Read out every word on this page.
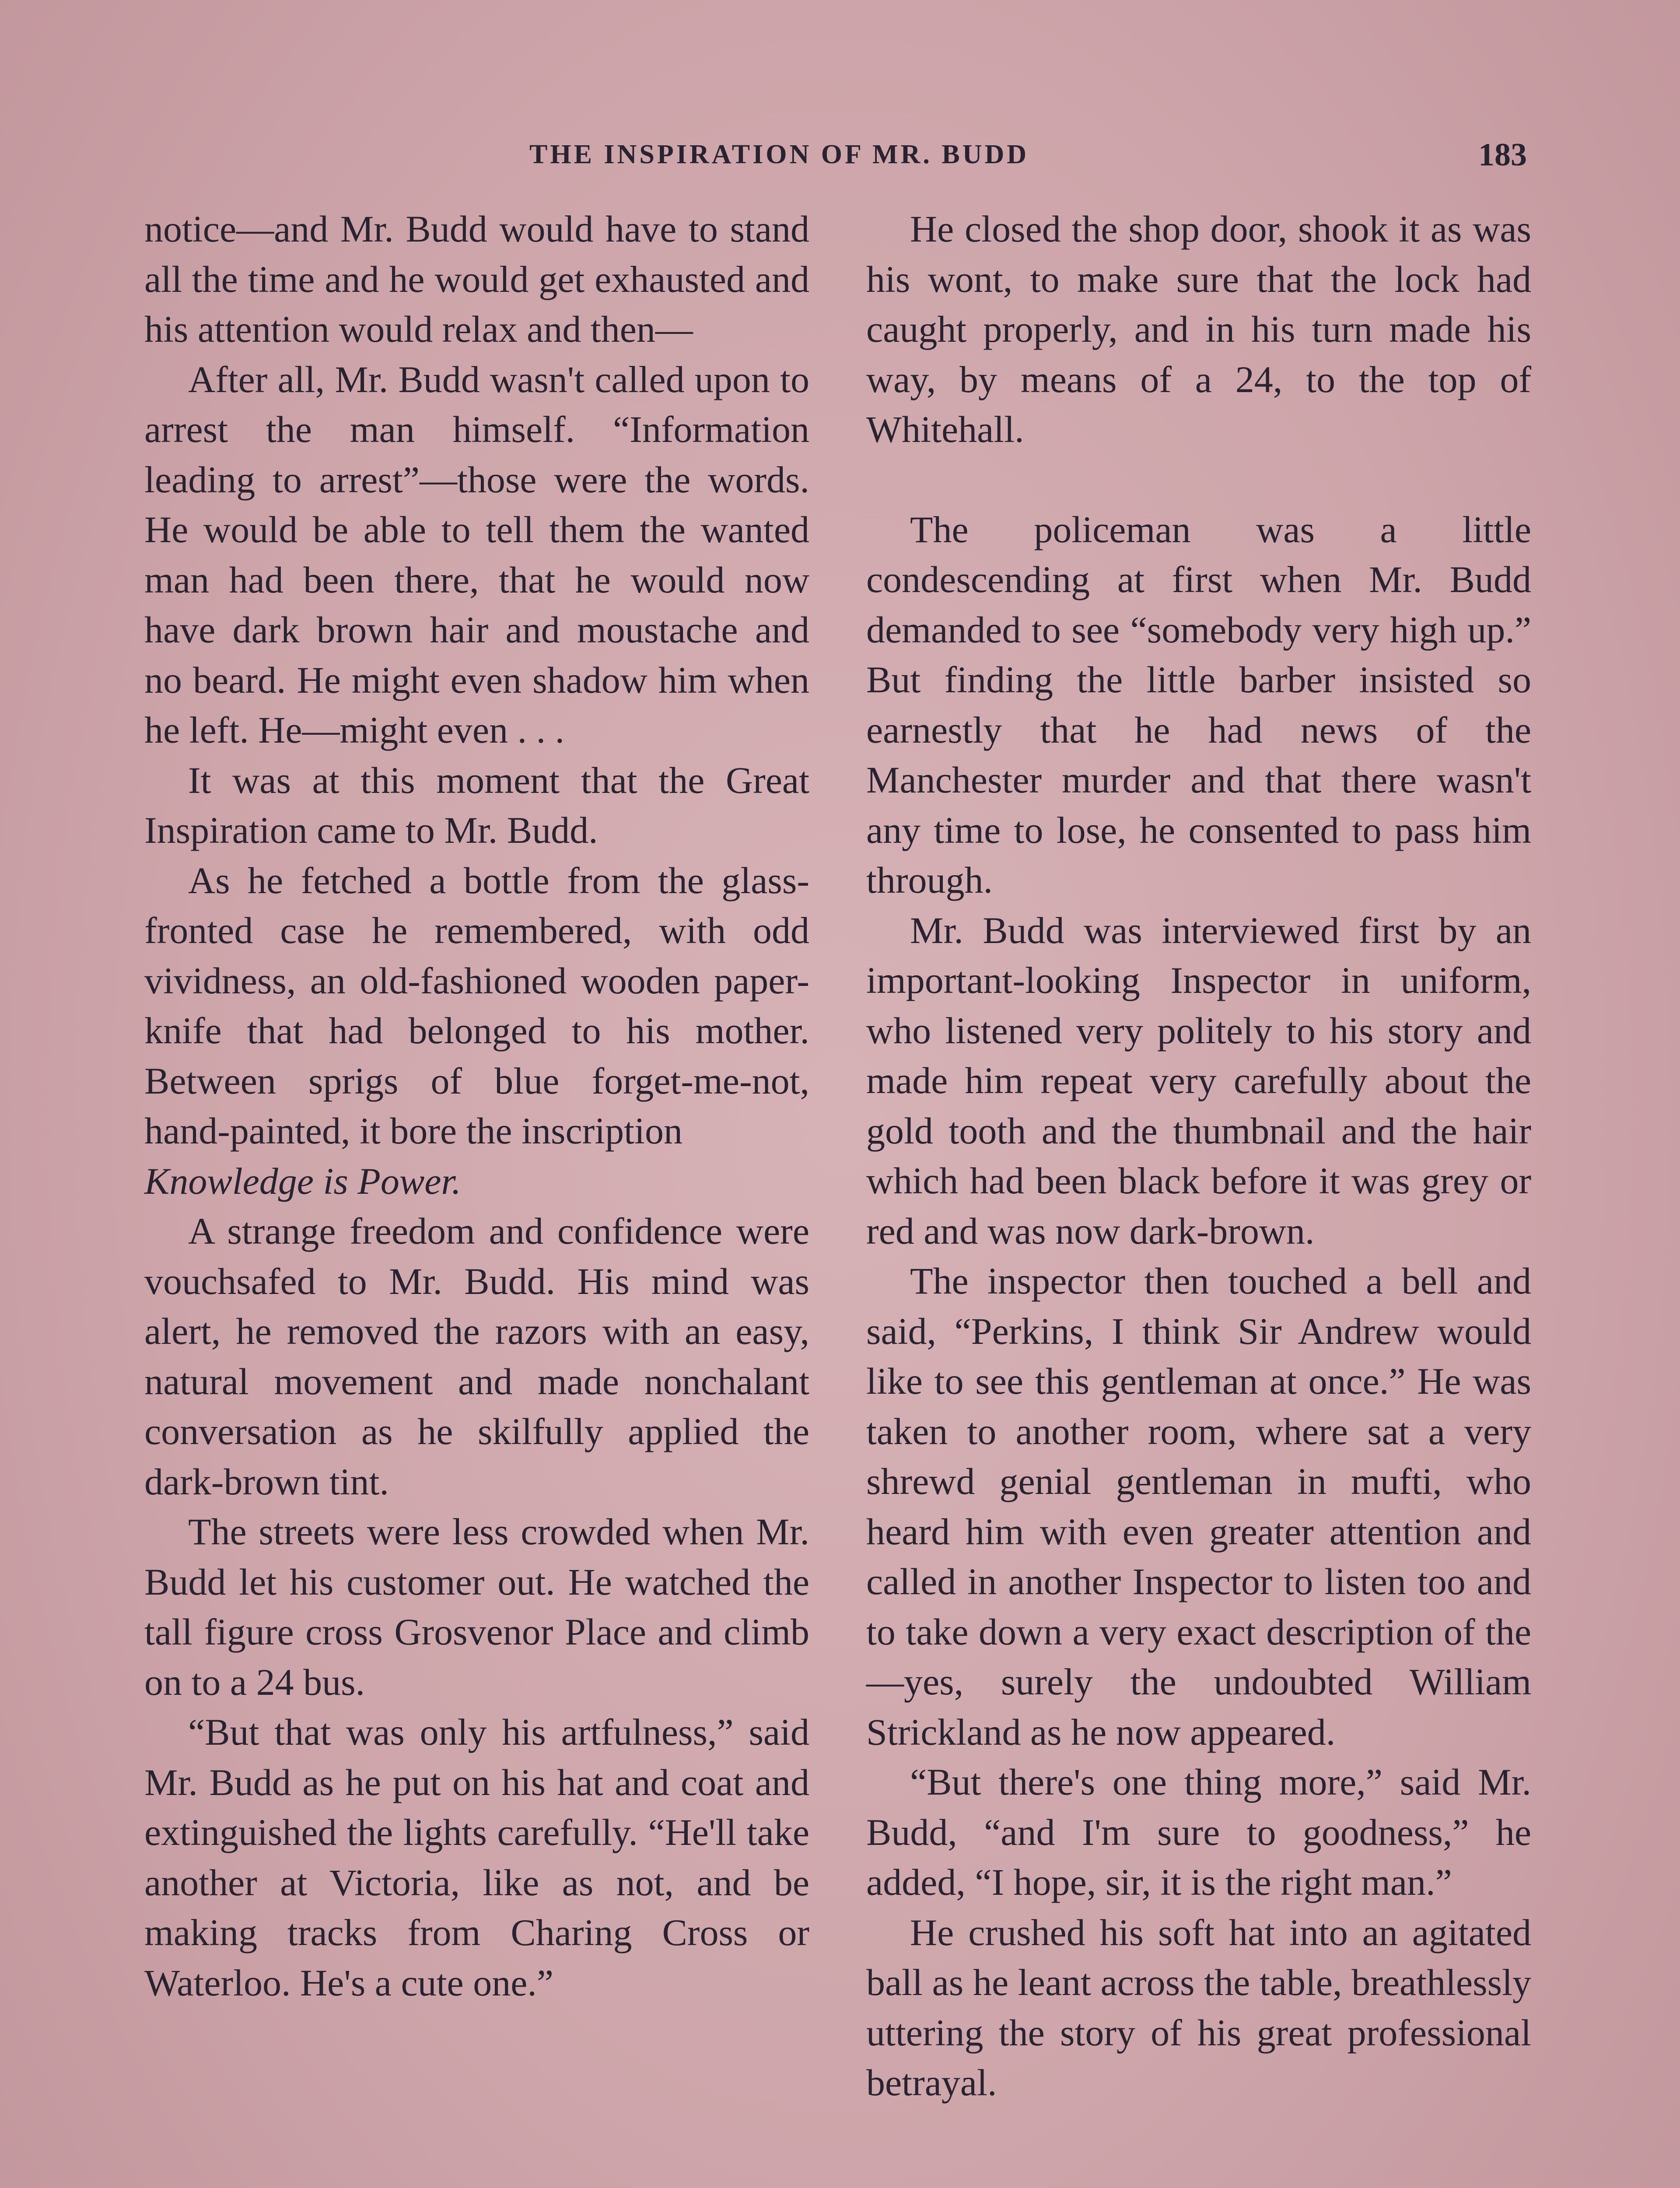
THE INSPIRATION OF MR. BUDD	183

notice—and Mr. Budd would have to stand all the time and he would get exhausted and his attention would relax and then—

After all, Mr. Budd wasn't called upon to arrest the man himself. “Information leading to arrest”—those were the words. He would be able to tell them the wanted man had been there, that he would now have dark brown hair and moustache and no beard. He might even shadow him when he left. He—might even . . .

It was at this moment that the Great Inspiration came to Mr. Budd.

As he fetched a bottle from the glass-fronted case he remembered, with odd vividness, an old-fashioned wooden paper-knife that had belonged to his mother. Between sprigs of blue forget-me-not, hand-painted, it bore the inscription

Knowledge is Power.

A strange freedom and confidence were vouchsafed to Mr. Budd. His mind was alert, he removed the razors with an easy, natural movement and made nonchalant conversation as he skilfully applied the dark-brown tint.

The streets were less crowded when Mr. Budd let his customer out. He watched the tall figure cross Grosvenor Place and climb on to a 24 bus.

“But that was only his artfulness,” said Mr. Budd as he put on his hat and coat and extinguished the lights carefully. “He'll take another at Victoria, like as not, and be making tracks from Charing Cross or Waterloo. He's a cute one.”

He closed the shop door, shook it as was his wont, to make sure that the lock had caught properly, and in his turn made his way, by means of a 24, to the top of Whitehall.

The policeman was a little condescending at first when Mr. Budd demanded to see “somebody very high up.” But finding the little barber insisted so earnestly that he had news of the Manchester murder and that there wasn't any time to lose, he consented to pass him through.

Mr. Budd was interviewed first by an important-looking Inspector in uniform, who listened very politely to his story and made him repeat very carefully about the gold tooth and the thumbnail and the hair which had been black before it was grey or red and was now dark-brown.

The inspector then touched a bell and said, “Perkins, I think Sir Andrew would like to see this gentleman at once.” He was taken to another room, where sat a very shrewd genial gentleman in mufti, who heard him with even greater attention and called in another Inspector to listen too and to take down a very exact description of the—yes, surely the undoubted William Strickland as he now appeared.

“But there's one thing more,” said Mr. Budd, “and I'm sure to goodness,” he added, “I hope, sir, it is the right man.”

He crushed his soft hat into an agitated ball as he leant across the table, breathlessly uttering the story of his great professional betrayal.
